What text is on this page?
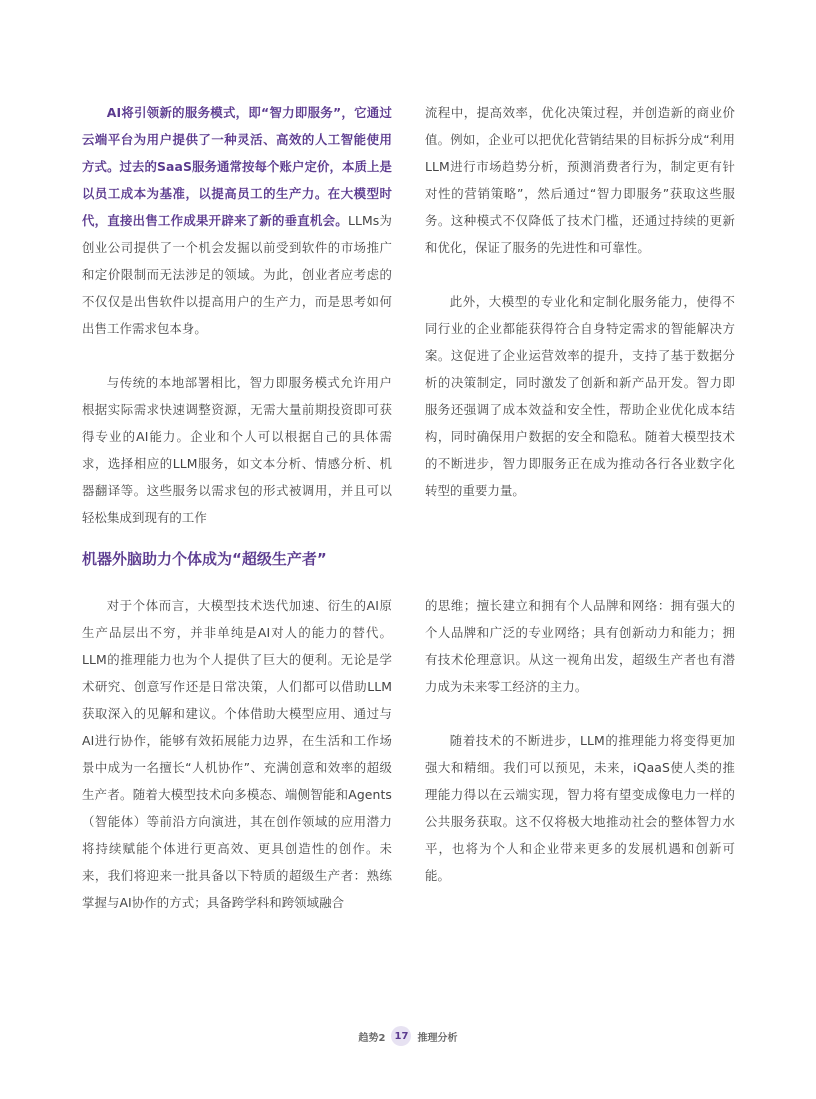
AI将引领新的服务模式，即“智力即服务”，它通过云端平台为用户提供了一种灵活、高效的人工智能使用方式。过去的SaaS服务通常按每个账户定价，本质上是以员工成本为基准，以提高员工的生产力。在大模型时代，直接出售工作成果开辟来了新的垂直机会。LLMs为创业公司提供了一个机会发掘以前受到软件的市场推广和定价限制而无法涉足的领域。为此，创业者应考虑的不仅仅是出售软件以提高用户的生产力，而是思考如何出售工作需求包本身。

与传统的本地部署相比，智力即服务模式允许用户根据实际需求快速调整资源，无需大量前期投资即可获得专业的AI能力。企业和个人可以根据自己的具体需求，选择相应的LLM服务，如文本分析、情感分析、机器翻译等。这些服务以需求包的形式被调用，并且可以轻松集成到现有的工作

流程中，提高效率，优化决策过程，并创造新的商业价值。例如，企业可以把优化营销结果的目标拆分成“利用LLM进行市场趋势分析，预测消费者行为，制定更有针对性的营销策略”，然后通过“智力即服务”获取这些服务。这种模式不仅降低了技术门槛，还通过持续的更新和优化，保证了服务的先进性和可靠性。

此外，大模型的专业化和定制化服务能力，使得不同行业的企业都能获得符合自身特定需求的智能解决方案。这促进了企业运营效率的提升，支持了基于数据分析的决策制定，同时激发了创新和新产品开发。智力即服务还强调了成本效益和安全性，帮助企业优化成本结构，同时确保用户数据的安全和隐私。随着大模型技术的不断进步，智力即服务正在成为推动各行各业数字化转型的重要力量。

机器外脑助力个体成为“超级生产者”

对于个体而言，大模型技术迭代加速、衍生的AI原生产品层出不穷，并非单纯是AI对人的能力的替代。LLM的推理能力也为个人提供了巨大的便利。无论是学术研究、创意写作还是日常决策，人们都可以借助LLM获取深入的见解和建议。个体借助大模型应用、通过与AI进行协作，能够有效拓展能力边界，在生活和工作场景中成为一名擅长“人机协作”、充满创意和效率的超级生产者。随着大模型技术向多模态、端侧智能和Agents（智能体）等前沿方向演进，其在创作领域的应用潜力将持续赋能个体进行更高效、更具创造性的创作。未来，我们将迎来一批具备以下特质的超级生产者：熟练掌握与AI协作的方式；具备跨学科和跨领域融合

的思维；擅长建立和拥有个人品牌和网络：拥有强大的个人品牌和广泛的专业网络；具有创新动力和能力；拥有技术伦理意识。从这一视角出发，超级生产者也有潜力成为未来零工经济的主力。

随着技术的不断进步，LLM的推理能力将变得更加强大和精细。我们可以预见，未来，iQaaS使人类的推理能力得以在云端实现，智力将有望变成像电力一样的公共服务获取。这不仅将极大地推动社会的整体智力水平，也将为个人和企业带来更多的发展机遇和创新可能。

趋势2 17 推理分析
